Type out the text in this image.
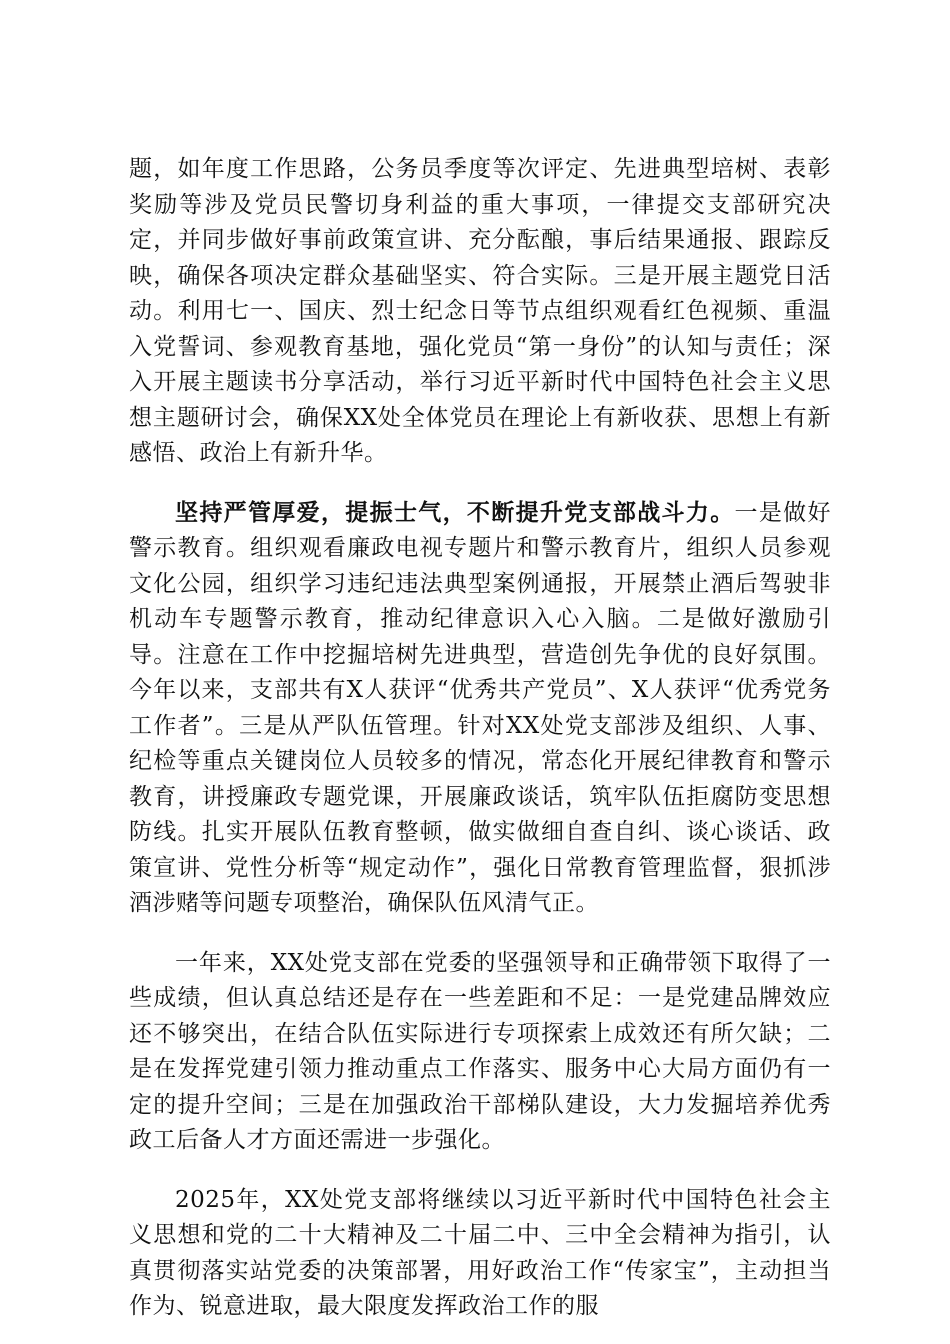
题，如年度工作思路，公务员季度等次评定、先进典型培树、表彰奖励等涉及党员民警切身利益的重大事项，一律提交支部研究决定，并同步做好事前政策宣讲、充分酝酿，事后结果通报、跟踪反映，确保各项决定群众基础坚实、符合实际。三是开展主题党日活动。利用七一、国庆、烈士纪念日等节点组织观看红色视频、重温入党誓词、参观教育基地，强化党员“第一身份”的认知与责任；深入开展主题读书分享活动，举行习近平新时代中国特色社会主义思想主题研讨会，确保XX处全体党员在理论上有新收获、思想上有新感悟、政治上有新升华。

坚持严管厚爱，提振士气，不断提升党支部战斗力。一是做好警示教育。组织观看廉政电视专题片和警示教育片，组织人员参观文化公园，组织学习违纪违法典型案例通报，开展禁止酒后驾驶非机动车专题警示教育，推动纪律意识入心入脑。二是做好激励引导。注意在工作中挖掘培树先进典型，营造创先争优的良好氛围。今年以来，支部共有X人获评“优秀共产党员”、X人获评“优秀党务工作者”。三是从严队伍管理。针对XX处党支部涉及组织、人事、纪检等重点关键岗位人员较多的情况，常态化开展纪律教育和警示教育，讲授廉政专题党课，开展廉政谈话，筑牢队伍拒腐防变思想防线。扎实开展队伍教育整顿，做实做细自查自纠、谈心谈话、政策宣讲、党性分析等“规定动作”，强化日常教育管理监督，狠抓涉酒涉赌等问题专项整治，确保队伍风清气正。

一年来，XX处党支部在党委的坚强领导和正确带领下取得了一些成绩，但认真总结还是存在一些差距和不足：一是党建品牌效应还不够突出，在结合队伍实际进行专项探索上成效还有所欠缺；二是在发挥党建引领力推动重点工作落实、服务中心大局方面仍有一定的提升空间；三是在加强政治干部梯队建设，大力发掘培养优秀政工后备人才方面还需进一步强化。

2025年，XX处党支部将继续以习近平新时代中国特色社会主义思想和党的二十大精神及二十届二中、三中全会精神为指引，认真贯彻落实站党委的决策部署，用好政治工作“传家宝”，主动担当作为、锐意进取，最大限度发挥政治工作的服
